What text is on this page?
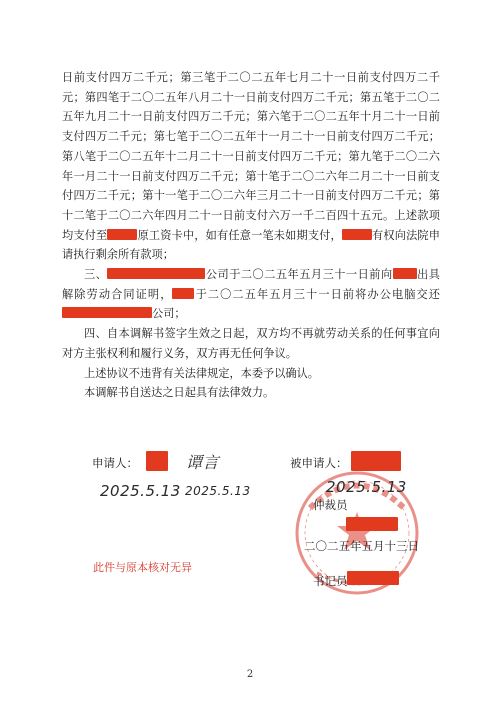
日前支付四万二千元；第三笔于二〇二五年七月二十一日前支付四万二千元；第四笔于二〇二五年八月二十一日前支付四万二千元；第五笔于二〇二五年九月二十一日前支付四万二千元；第六笔于二〇二五年十月二十一日前支付四万二千元；第七笔于二〇二五年十一月二十一日前支付四万二千元；第八笔于二〇二五年十二月二十一日前支付四万二千元；第九笔于二〇二六年一月二十一日前支付四万二千元；第十笔于二〇二六年二月二十一日前支付四万二千元；第十一笔于二〇二六年三月二十一日前支付四万二千元；第十二笔于二〇二六年四月二十一日前支付六万一千二百四十五元。上述款项均支付至	原工资卡中，如有任意一笔未如期支付，	有权向法院申请执行剩余所有款项；

三、	公司于二〇二五年五月三十一日前向 出具解除劳动合同证明， 于二〇二五年五月三十一日前将办公电脑交还公司；

四、自本调解书签字生效之日起，双方均不再就劳动关系的任何事宜向对方主张权利和履行义务，双方再无任何争议。

上述协议不违背有关法律规定，本委予以确认。

本调解书自送达之日起具有法律效力。

申请人：	谭言
2025.5.13 2025.5.13
被申请人：
2025.5.13
仲裁员
二〇二五年五月十三日
书记员
此件与原本核对无异
2
